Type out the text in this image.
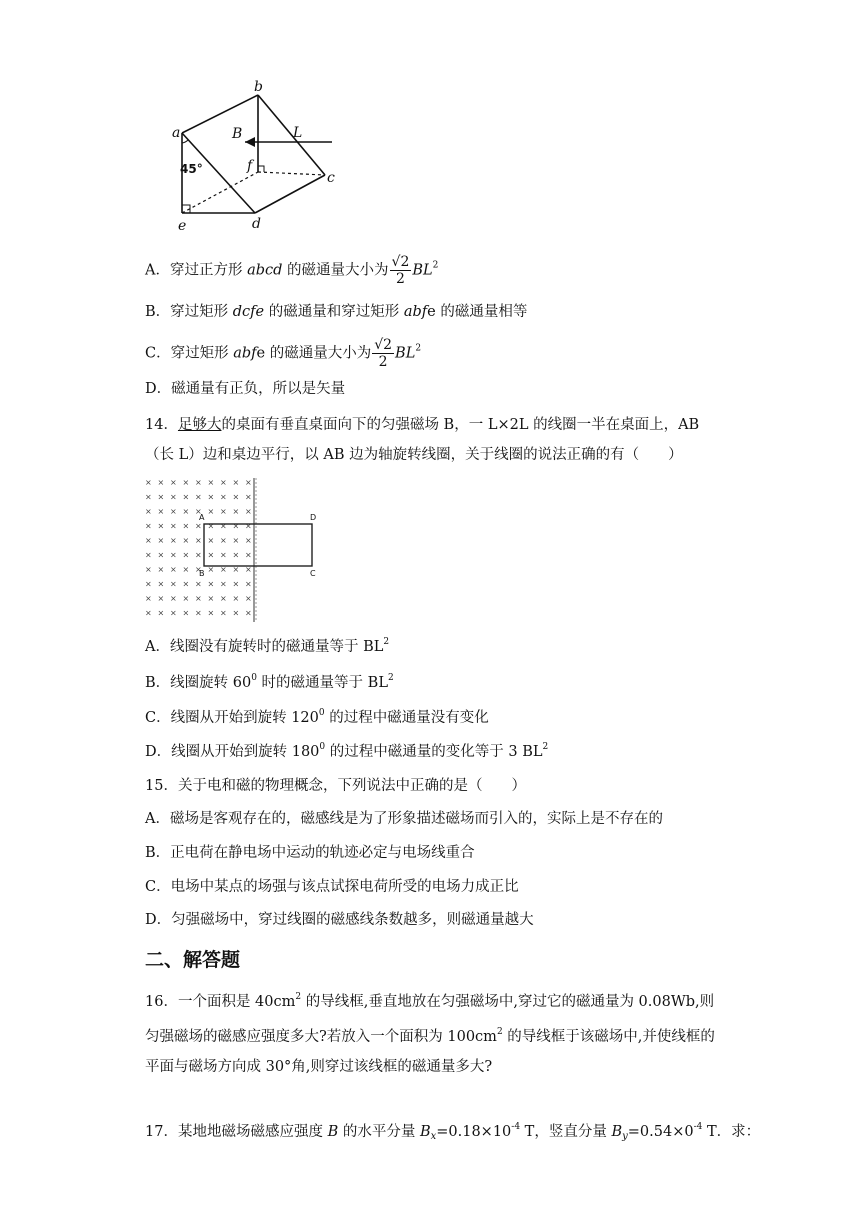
a
b
c
d
e
f
B	L
45°
A．穿过正方形 abcd 的磁通量大小为 $\frac{√2}{2} BL^2$
B．穿过矩形 dcfe 的磁通量和穿过矩形 abfe 的磁通量相等
C．穿过矩形 abfe 的磁通量大小为 $\frac{√2}{2} BL^2$
D．磁通量有正负，所以是矢量
14．足够大的桌面有垂直桌面向下的匀强磁场 B，一 L×2L 的线圈一半在桌面上，AB
（长 L）边和桌边平行，以 AB 边为轴旋转线圈，关于线圈的说法正确的有（　　）
× × × × × × × × ×
× × × × × × × × ×
× × × × × × × × ×
× × × × × × × × ×
× × × × × × × × ×
× × × × × × × × ×
× × × × × × × × ×
× × × × × × × × ×
× × × × × × × × ×
× × × × × × × × ×
A
B	C
D
A．线圈没有旋转时的磁通量等于 $BL^2$
B．线圈旋转 $60^0$ 时的磁通量等于 $BL^2$
C．线圈从开始到旋转 $120^0$ 的过程中磁通量没有变化
D．线圈从开始到旋转 $180^0$ 的过程中磁通量的变化等于 3 $BL^2$
15．关于电和磁的物理概念，下列说法中正确的是（　　）
A．磁场是客观存在的，磁感线是为了形象描述磁场而引入的，实际上是不存在的
B．正电荷在静电场中运动的轨迹必定与电场线重合
C．电场中某点的场强与该点试探电荷所受的电场力成正比
D．匀强磁场中，穿过线圈的磁感线条数越多，则磁通量越大
二、解答题
16．一个面积是 $40cm^2$ 的导线框,垂直地放在匀强磁场中,穿过它的磁通量为 0.08Wb,则匀强磁场的磁感应强度多大?若放入一个面积为 $100cm^2$ 的导线框于该磁场中,并使线框的平面与磁场方向成 30°角,则穿过该线框的磁通量多大?
17．某地地磁场磁感应强度 B 的水平分量 $B_x=0.18\times 10^{-4}$ T，竖直分量 $B_y=0.54\times 0^{-4}$ T．求：
